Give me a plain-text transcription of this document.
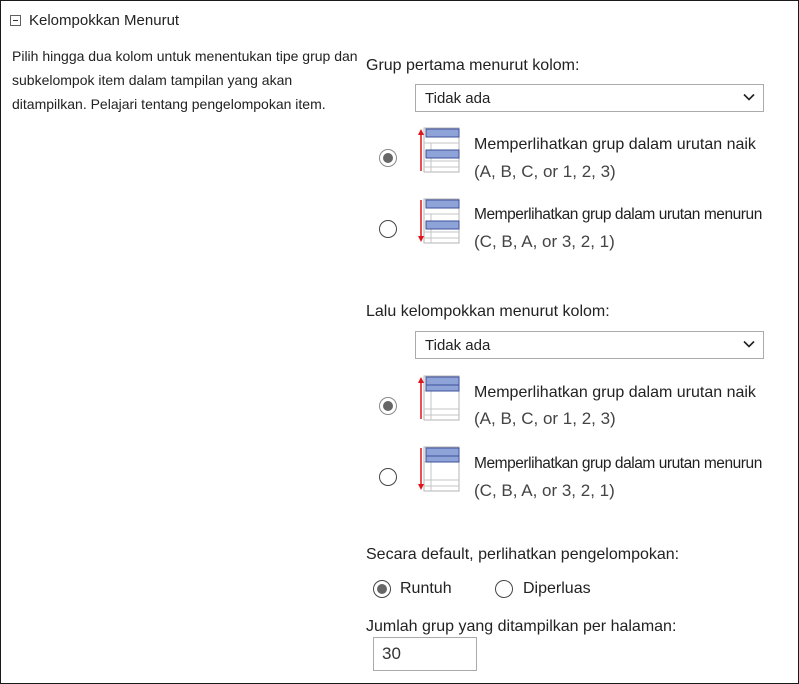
Kelompokkan Menurut
Pilih hingga dua kolom untuk menentukan tipe grup dan subkelompok item dalam tampilan yang akan ditampilkan. Pelajari tentang pengelompokan item.
Grup pertama menurut kolom:
Tidak ada
Memperlihatkan grup dalam urutan naik
(A, B, C, or 1, 2, 3)
Memperlihatkan grup dalam urutan menurun
(C, B, A, or 3, 2, 1)
Lalu kelompokkan menurut kolom:
Tidak ada
Memperlihatkan grup dalam urutan naik
(A, B, C, or 1, 2, 3)
Memperlihatkan grup dalam urutan menurun
(C, B, A, or 3, 2, 1)
Secara default, perlihatkan pengelompokan:
Runtuh	Diperluas
Jumlah grup yang ditampilkan per halaman:
30
